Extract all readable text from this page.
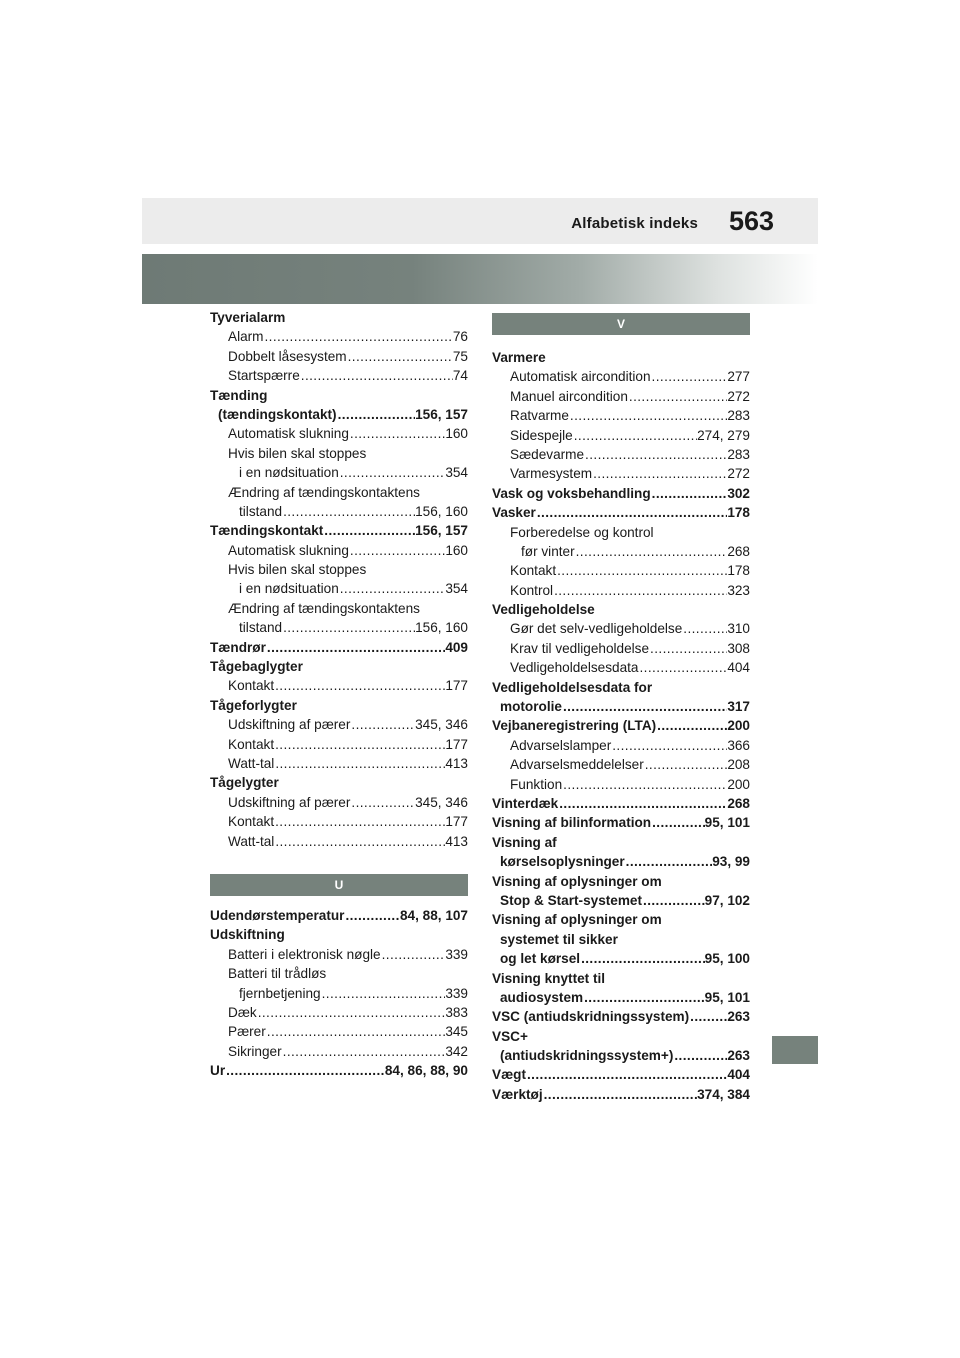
Alfabetisk indeks 563
Tyverialarm
Alarm .....	76
Dobbelt låsesystem .....	75
Startspærre .....	74
Tænding
(tændingskontakt) .....	156, 157
Automatisk slukning .....	160
Hvis bilen skal stoppes
i en nødsituation .....	354
Ændring af tændingskontaktens
tilstand .....	156, 160
Tændingskontakt .....	156, 157
Automatisk slukning .....	160
Hvis bilen skal stoppes
i en nødsituation .....	354
Ændring af tændingskontaktens
tilstand .....	156, 160
Tændrør .....	409
Tågebaglygter
Kontakt .....	177
Tågeforlygter
Udskiftning af pærer .....	345, 346
Kontakt .....	177
Watt-tal .....	413
Tågelygter
Udskiftning af pærer .....	345, 346
Kontakt .....	177
Watt-tal .....	413
U
Udendørstemperatur .....	84, 88, 107
Udskiftning
Batteri i elektronisk nøgle .....	339
Batteri til trådløs
fjernbetjening .....	339
Dæk .....	383
Pærer .....	345
Sikringer .....	342
Ur .....	84, 86, 88, 90
V
Varmere
Automatisk aircondition .....	277
Manuel aircondition .....	272
Ratvarme .....	283
Sidespejle .....	274, 279
Sædevarme .....	283
Varmesystem .....	272
Vask og voksbehandling .....	302
Vasker .....	178
Forberedelse og kontrol
før vinter .....	268
Kontakt .....	178
Kontrol .....	323
Vedligeholdelse
Gør det selv-vedligeholdelse .....	310
Krav til vedligeholdelse .....	308
Vedligeholdelsesdata .....	404
Vedligeholdelsesdata for
motorolie .....	317
Vejbaneregistrering (LTA) .....	200
Advarselslamper .....	366
Advarselsmeddelelser .....	208
Funktion .....	200
Vinterdæk .....	268
Visning af bilinformation .....	95, 101
Visning af
kørselsoplysninger .....	93, 99
Visning af oplysninger om
Stop & Start-systemet .....	97, 102
Visning af oplysninger om
systemet til sikker
og let kørsel .....	95, 100
Visning knyttet til
audiosystem .....	95, 101
VSC (antiudskridningssystem) .....	263
VSC+
(antiudskridningssystem+) .....	263
Vægt .....	404
Værktøj .....	374, 384
